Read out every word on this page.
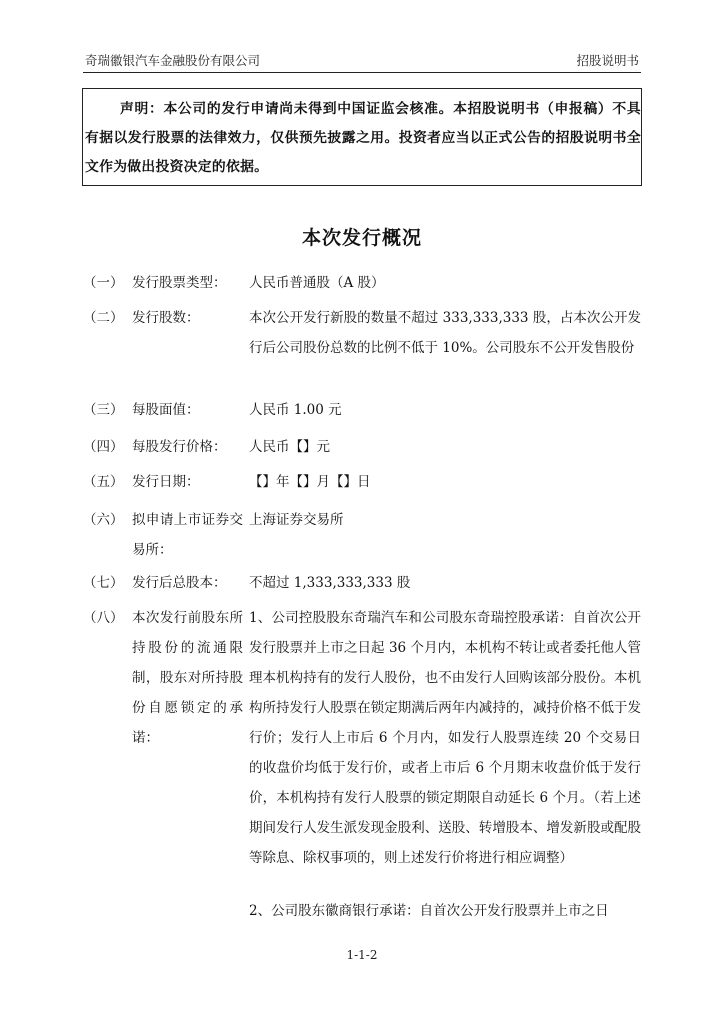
奇瑞徽银汽车金融股份有限公司	招股说明书
声明：本公司的发行申请尚未得到中国证监会核准。本招股说明书（申报稿）不具有据以发行股票的法律效力，仅供预先披露之用。投资者应当以正式公告的招股说明书全文作为做出投资决定的依据。
本次发行概况
（一） 发行股票类型：	人民币普通股（A 股）
（二） 发行股数：	本次公开发行新股的数量不超过 333,333,333 股，占本次公开发行后公司股份总数的比例不低于 10%。公司股东不公开发售股份
（三） 每股面值：	人民币 1.00 元
（四） 每股发行价格：	人民币【】元
（五） 发行日期：	【】年【】月【】日
（六） 拟申请上市证券交易所：
上海证券交易所
（七） 发行后总股本：	不超过 1,333,333,333 股
（八） 本次发行前股东所持股份的流通限制，股东对所持股份自愿锁定的承诺：
1、公司控股股东奇瑞汽车和公司股东奇瑞控股承诺：自首次公开发行股票并上市之日起 36 个月内，本机构不转让或者委托他人管理本机构持有的发行人股份，也不由发行人回购该部分股份。本机构所持发行人股票在锁定期满后两年内减持的，减持价格不低于发行价；发行人上市后 6 个月内，如发行人股票连续 20 个交易日的收盘价均低于发行价，或者上市后 6 个月期末收盘价低于发行价，本机构持有发行人股票的锁定期限自动延长 6 个月。（若上述期间发行人发生派发现金股利、送股、转增股本、增发新股或配股等除息、除权事项的，则上述发行价将进行相应调整）
2、公司股东徽商银行承诺：自首次公开发行股票并上市之日
1-1-2
